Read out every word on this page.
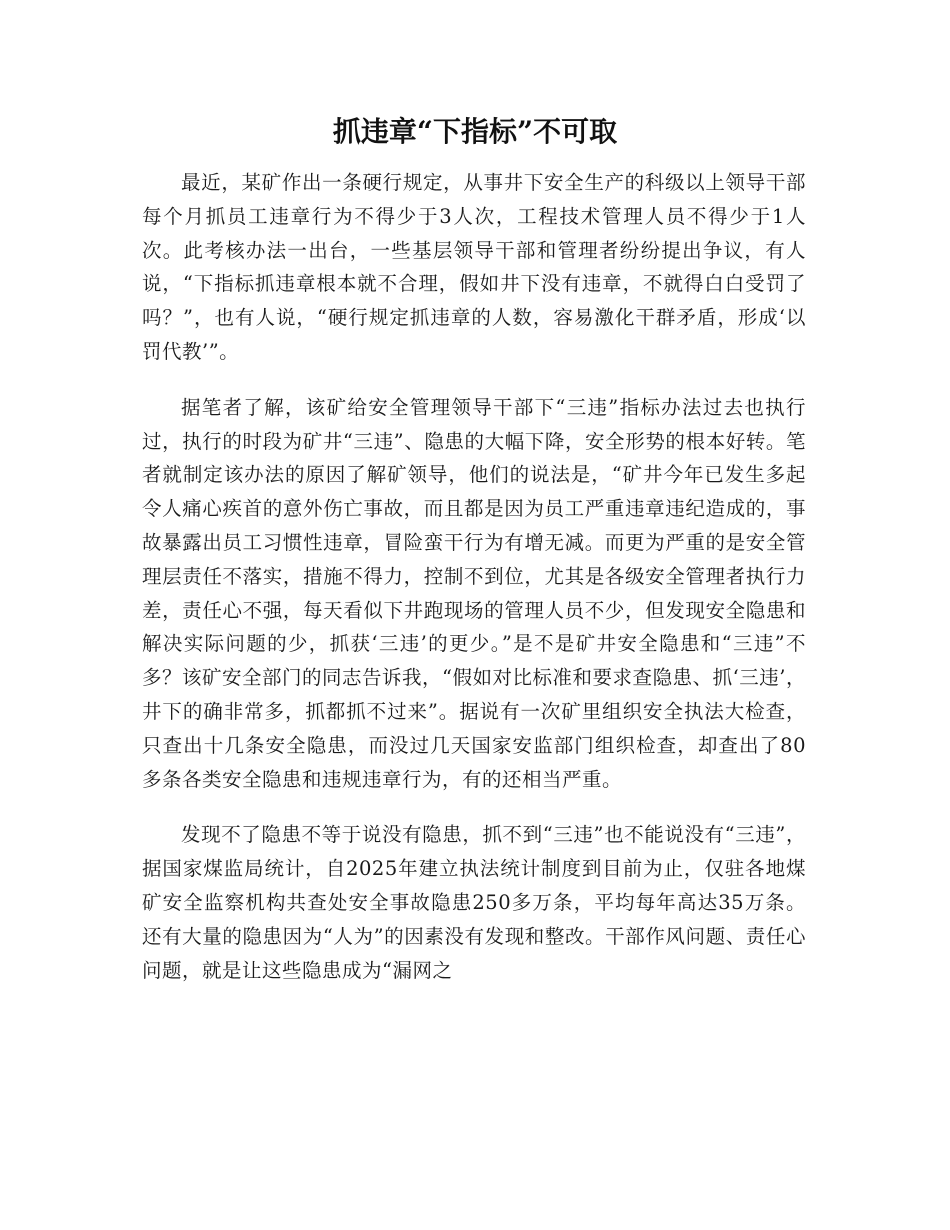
抓违章“下指标”不可取

最近，某矿作出一条硬行规定，从事井下安全生产的科级以上领导干部每个月抓员工违章行为不得少于3人次，工程技术管理人员不得少于1人次。此考核办法一出台，一些基层领导干部和管理者纷纷提出争议，有人说，“下指标抓违章根本就不合理，假如井下没有违章，不就得白白受罚了吗？”，也有人说，“硬行规定抓违章的人数，容易激化干群矛盾，形成‘以罚代教’”。

据笔者了解，该矿给安全管理领导干部下“三违”指标办法过去也执行过，执行的时段为矿井“三违”、隐患的大幅下降，安全形势的根本好转。笔者就制定该办法的原因了解矿领导，他们的说法是，“矿井今年已发生多起令人痛心疾首的意外伤亡事故，而且都是因为员工严重违章违纪造成的，事故暴露出员工习惯性违章，冒险蛮干行为有增无减。而更为严重的是安全管理层责任不落实，措施不得力，控制不到位，尤其是各级安全管理者执行力差，责任心不强，每天看似下井跑现场的管理人员不少，但发现安全隐患和解决实际问题的少，抓获‘三违’的更少。”是不是矿井安全隐患和“三违”不多？该矿安全部门的同志告诉我，“假如对比标准和要求查隐患、抓‘三违’，井下的确非常多，抓都抓不过来”。据说有一次矿里组织安全执法大检查，只查出十几条安全隐患，而没过几天国家安监部门组织检查，却查出了80多条各类安全隐患和违规违章行为，有的还相当严重。

发现不了隐患不等于说没有隐患，抓不到“三违”也不能说没有“三违”，据国家煤监局统计，自2025年建立执法统计制度到目前为止，仅驻各地煤矿安全监察机构共查处安全事故隐患250多万条，平均每年高达35万条。还有大量的隐患因为“人为”的因素没有发现和整改。干部作风问题、责任心问题，就是让这些隐患成为“漏网之
